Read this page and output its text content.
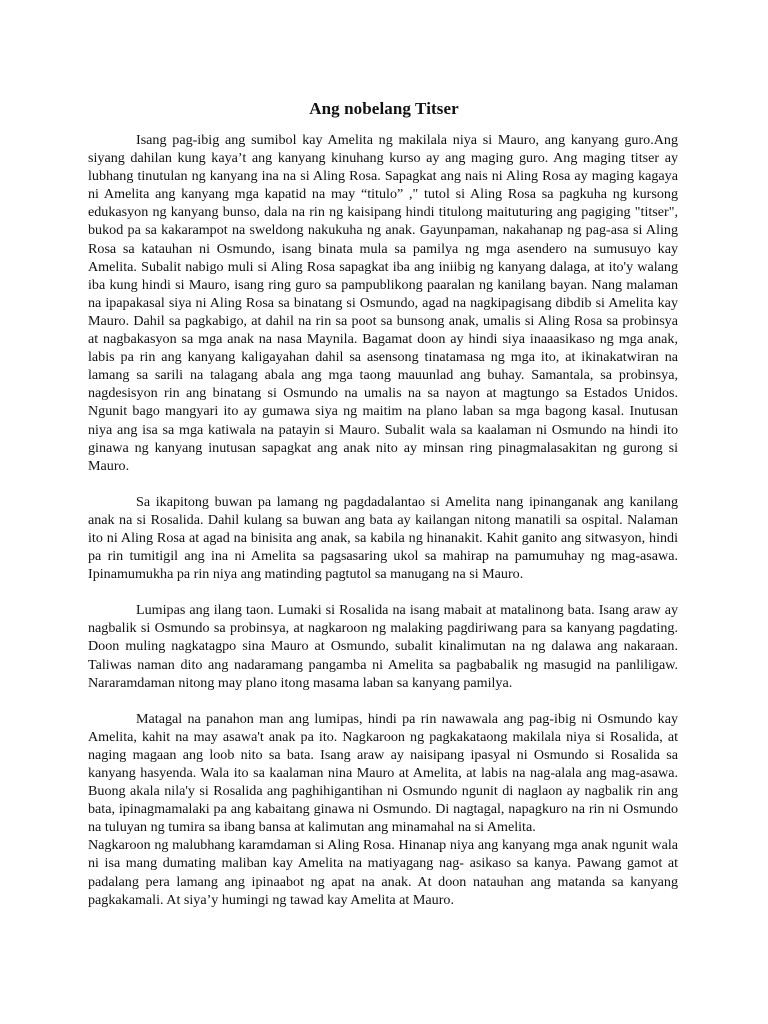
Ang nobelang Titser

Isang pag-ibig ang sumibol kay Amelita ng makilala niya si Mauro, ang kanyang guro.Ang siyang dahilan kung kaya’t ang kanyang kinuhang kurso ay ang maging guro. Ang maging titser ay lubhang tinutulan ng kanyang ina na si Aling Rosa. Sapagkat ang nais ni Aling Rosa ay maging kagaya ni Amelita ang kanyang mga kapatid na may “titulo” ," tutol si Aling Rosa sa pagkuha ng kursong edukasyon ng kanyang bunso, dala na rin ng kaisipang hindi titulong maituturing ang pagiging "titser", bukod pa sa kakarampot na sweldong nakukuha ng anak. Gayunpaman, nakahanap ng pag-asa si Aling Rosa sa katauhan ni Osmundo, isang binata mula sa pamilya ng mga asendero na sumusuyo kay Amelita. Subalit nabigo muli si Aling Rosa sapagkat iba ang iniibig ng kanyang dalaga, at ito'y walang iba kung hindi si Mauro, isang ring guro sa pampublikong paaralan ng kanilang bayan. Nang malaman na ipapakasal siya ni Aling Rosa sa binatang si Osmundo, agad na nagkipagisang dibdib si Amelita kay Mauro. Dahil sa pagkabigo, at dahil na rin sa poot sa bunsong anak, umalis si Aling Rosa sa probinsya at nagbakasyon sa mga anak na nasa Maynila. Bagamat doon ay hindi siya inaaasikaso ng mga anak, labis pa rin ang kanyang kaligayahan dahil sa asensong tinatamasa ng mga ito, at ikinakatwiran na lamang sa sarili na talagang abala ang mga taong mauunlad ang buhay. Samantala, sa probinsya, nagdesisyon rin ang binatang si Osmundo na umalis na sa nayon at magtungo sa Estados Unidos. Ngunit bago mangyari ito ay gumawa siya ng maitim na plano laban sa mga bagong kasal. Inutusan niya ang isa sa mga katiwala na patayin si Mauro. Subalit wala sa kaalaman ni Osmundo na hindi ito ginawa ng kanyang inutusan sapagkat ang anak nito ay minsan ring pinagmalasakitan ng gurong si Mauro.

Sa ikapitong buwan pa lamang ng pagdadalantao si Amelita nang ipinanganak ang kanilang anak na si Rosalida. Dahil kulang sa buwan ang bata ay kailangan nitong manatili sa ospital. Nalaman ito ni Aling Rosa at agad na binisita ang anak, sa kabila ng hinanakit. Kahit ganito ang sitwasyon, hindi pa rin tumitigil ang ina ni Amelita sa pagsasaring ukol sa mahirap na pamumuhay ng mag-asawa. Ipinamumukha pa rin niya ang matinding pagtutol sa manugang na si Mauro.

Lumipas ang ilang taon. Lumaki si Rosalida na isang mabait at matalinong bata. Isang araw ay nagbalik si Osmundo sa probinsya, at nagkaroon ng malaking pagdiriwang para sa kanyang pagdating. Doon muling nagkatagpo sina Mauro at Osmundo, subalit kinalimutan na ng dalawa ang nakaraan. Taliwas naman dito ang nadaramang pangamba ni Amelita sa pagbabalik ng masugid na panliligaw. Nararamdaman nitong may plano itong masama laban sa kanyang pamilya.

Matagal na panahon man ang lumipas, hindi pa rin nawawala ang pag-ibig ni Osmundo kay Amelita, kahit na may asawa't anak pa ito. Nagkaroon ng pagkakataong makilala niya si Rosalida, at naging magaan ang loob nito sa bata. Isang araw ay naisipang ipasyal ni Osmundo si Rosalida sa kanyang hasyenda. Wala ito sa kaalaman nina Mauro at Amelita, at labis na nag-alala ang mag-asawa. Buong akala nila'y si Rosalida ang paghihigantihan ni Osmundo ngunit di naglaon ay nagbalik rin ang bata, ipinagmamalaki pa ang kabaitang ginawa ni Osmundo. Di nagtagal, napagkuro na rin ni Osmundo na tuluyan ng tumira sa ibang bansa at kalimutan ang minamahal na si Amelita.

Nagkaroon ng malubhang karamdaman si Aling Rosa. Hinanap niya ang kanyang mga anak ngunit wala ni isa mang dumating maliban kay Amelita na matiyagang nag- asikaso sa kanya. Pawang gamot at padalang pera lamang ang ipinaabot ng apat na anak. At doon natauhan ang matanda sa kanyang pagkakamali. At siya’y humingi ng tawad kay Amelita at Mauro.
